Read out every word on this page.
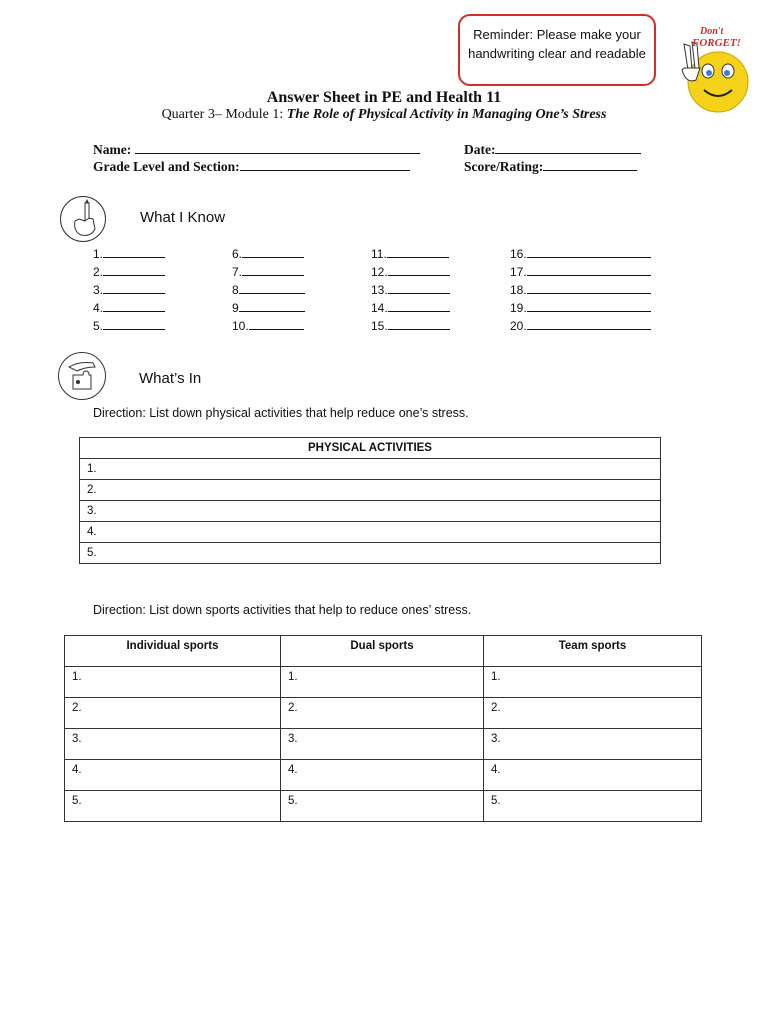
Reminder: Please make your handwriting clear and readable
Don't
FORGET!
Answer Sheet in PE and Health 11
Quarter 3– Module 1: The Role of Physical Activity in Managing One’s Stress
Name:	Date:
Grade Level and Section:	Score/Rating:
What I Know
1.	6.	11.	16.
2.	7.	12.	17.
3.	8	13.	18.
4.	9	14.	19.
5.	10.	15.	20.
What’s In
Direction: List down physical activities that help reduce one’s stress.
PHYSICAL ACTIVITIES
1.
2.
3.
4.
5.
Direction: List down sports activities that help to reduce ones’ stress.
Individual sports	Dual sports	Team sports
1.	1.	1.
2.	2.	2.
3.	3.	3.
4.	4.	4.
5.	5.	5.
